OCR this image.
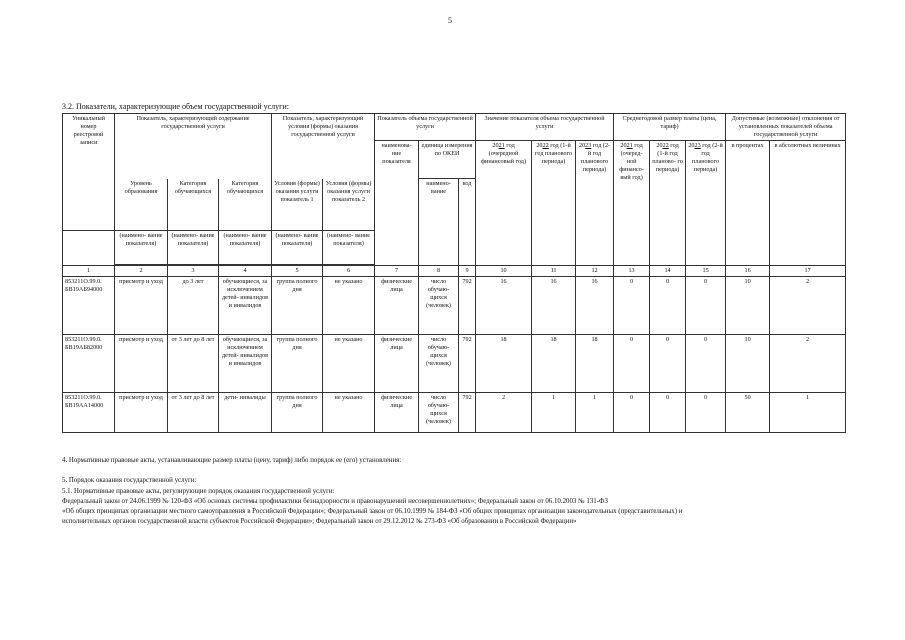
5
3.2. Показатели, характеризующие объем государственной услуги:
Уникальный номер реестровой записи	Показатель, характеризующий содержание государственной услуги			Показатель, характеризующий условия (формы) оказания государственной услуги		Показатель объема государственной услуги			Значение показателя объема государственной услуги			Среднегодовой размер платы (цена, тариф)			Допустимые (возможные) отклонения от установленных показателей объема государственной услуги	
						наименова- ние показателя	единица измерения по ОКЕИ		2021 год (очередной финансовый год)	2022 год (1-й год планового периода)	2023 год (2-й год планового периода)	2021 год (очеред- ной финансо- вый год)	2022 год (1-й год планово- го периода)	2023 год (2-й год планового периода)	в процентах	в абсолютных величинах
	Уровень образования	Категория обучающихся	Категория обучающихся	Условия (формы) оказания услуги показатель 1	Условия (формы) оказания услуги показатель 2		наимено- вание	код								
	(наимено- вание показателя)	(наимено- вание показателя)	(наимено- вание показателя)	(наимено- вание показателя)	(наимено- вание показателя)											

1	2	3	4	5	6	7	8	9	10	11	12	13	14	15	16	17
853211О.99.0. БВ19АБ94000	присмотр и уход	до 3 лет	обучающиеся, за исключением детей- инвалидов и инвалидов	группа полного дня	не указано	физические лица	число обучаю- щихся (человек)	792	16	16	16	0	0	0	10	2
853211О.99.0. БВ19АБ82000	присмотр и уход	от 3 лет до 8 лет	обучающиеся, за исключением детей- инвалидов и инвалидов	группа полного дня	не указано	физические лица	число обучаю- щихся (человек)	792	18	18	18	0	0	0	10	2
853211О.99.0. БВ19АА14000	присмотр и уход	от 3 лет до 8 лет	дети- инвалиды	группа полного дня	не указано	физические лица	число обучаю- щихся (человек)	792	2	1	1	0	0	0	50	1
4. Нормативные правовые акты, устанавливающие размер платы (цену, тариф) либо порядок ее (его) установления:
5. Порядок оказания государственной услуги:
5.1. Нормативные правовые акты, регулирующие порядок оказания государственной услуги:
Федеральный закон от 24.06.1999 № 120-ФЗ «Об основах системы профилактики безнадзорности и правонарушений несовершеннолетних»; Федеральный закон от 06.10.2003 № 131-ФЗ
«Об общих принципах организации местного самоуправления в Российской Федерации»; Федеральный закон от 06.10.1999 № 184-ФЗ «Об общих принципах организации законодательных (представительных) и
исполнительных органов государственной власти субъектов Российской Федерации»; Федеральный закон от 29.12.2012 № 273-ФЗ «Об образовании в Российской Федерации»
